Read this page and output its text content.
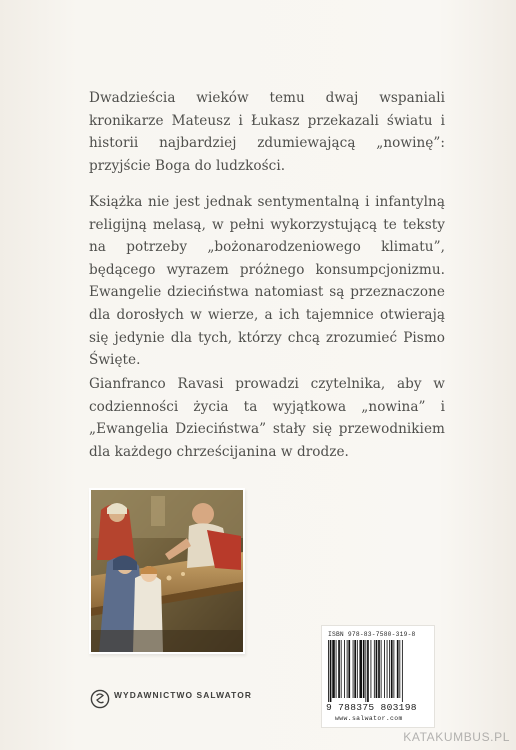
Dwadzieścia wieków temu dwaj wspaniali kronikarze Mateusz i Łukasz przekazali światu i historii najbardziej zdumiewającą „nowinę”: przyjście Boga do ludzkości.

Książka nie jest jednak sentymentalną i infantylną religijną melasą, w pełni wykorzystującą te teksty na potrzeby „bożonarodzeniowego klimatu”, będącego wyrazem próżnego konsumpcjonizmu. Ewangelie dzieciństwa natomiast są przeznaczone dla dorosłych w wierze, a ich tajemnice otwierają się jedynie dla tych, którzy chcą zrozumieć Pismo Święte.

Gianfranco Ravasi prowadzi czytelnika, aby w codzienności życia ta wyjątkowa „nowina” i „Ewangelia Dzieciństwa” stały się przewodnikiem dla każdego chrześcijanina w drodze.

WYDAWNICTWO SALWATOR
ISBN 978-83-7580-319-8
9 788375 803198
www.salwator.com
KATAKUMBUS.PL
